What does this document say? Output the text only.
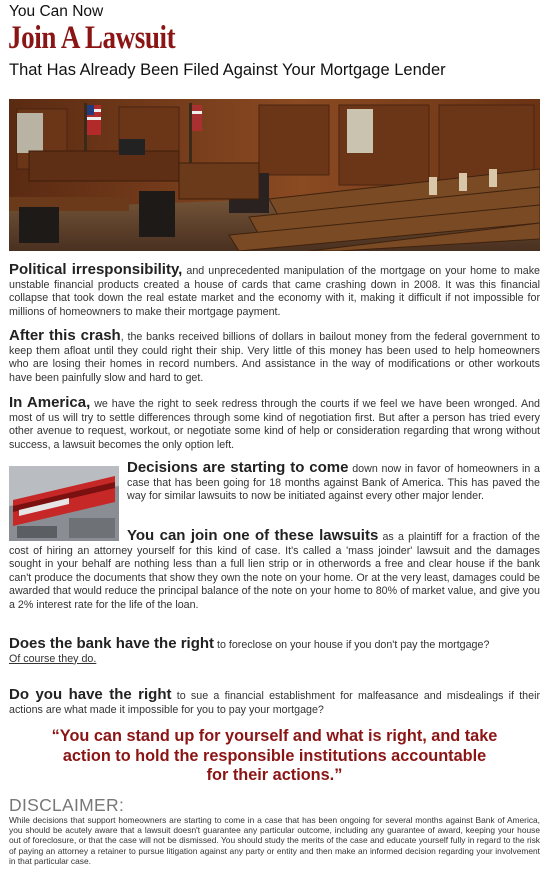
You Can Now
Join A Lawsuit
That Has Already Been Filed Against Your Mortgage Lender
Political irresponsibility, and unprecedented manipulation of the mortgage on your home to make unstable financial products created a house of cards that came crashing down in 2008. It was this financial collapse that took down the real estate market and the economy with it, making it difficult if not impossible for millions of homeowners to make their mortgage payment.
After this crash, the banks received billions of dollars in bailout money from the federal government to keep them afloat until they could right their ship. Very little of this money has been used to help homeowners who are losing their homes in record numbers. And assistance in the way of modifications or other workouts have been painfully slow and hard to get.
In America, we have the right to seek redress through the courts if we feel we have been wronged. And most of us will try to settle differences through some kind of negotiation first. But after a person has tried every other avenue to request, workout, or negotiate some kind of help or consideration regarding that wrong without success, a lawsuit becomes the only option left.
Decisions are starting to come down now in favor of homeowners in a case that has been going for 18 months against Bank of America. This has paved the way for similar lawsuits to now be initiated against every other major lender.
You can join one of these lawsuits as a plaintiff for a fraction of the cost of hiring an attorney yourself for this kind of case. It's called a 'mass joinder' lawsuit and the damages sought in your behalf are nothing less than a full lien strip or in otherwords a free and clear house if the bank can't produce the documents that show they own the note on your home. Or at the very least, damages could be awarded that would reduce the principal balance of the note on your home to 80% of market value, and give you a 2% interest rate for the life of the loan.
Does the bank have the right to foreclose on your house if you don't pay the mortgage?
Of course they do.
Do you have the right to sue a financial establishment for malfeasance and misdealings if their actions are what made it impossible for you to pay your mortgage?
“You can stand up for yourself and what is right, and take
action to hold the responsible institutions accountable
for their actions.”
DISCLAIMER:
While decisions that support homeowners are starting to come in a case that has been ongoing for several months against Bank of America, you should be acutely aware that a lawsuit doesn't guarantee any particular outcome, including any guarantee of award, keeping your house out of foreclosure, or that the case will not be dismissed. You should study the merits of the case and educate yourself fully in regard to the risk of paying an attorney a retainer to pursue litigation against any party or entity and then make an informed decision regarding your involvement in that particular case.
